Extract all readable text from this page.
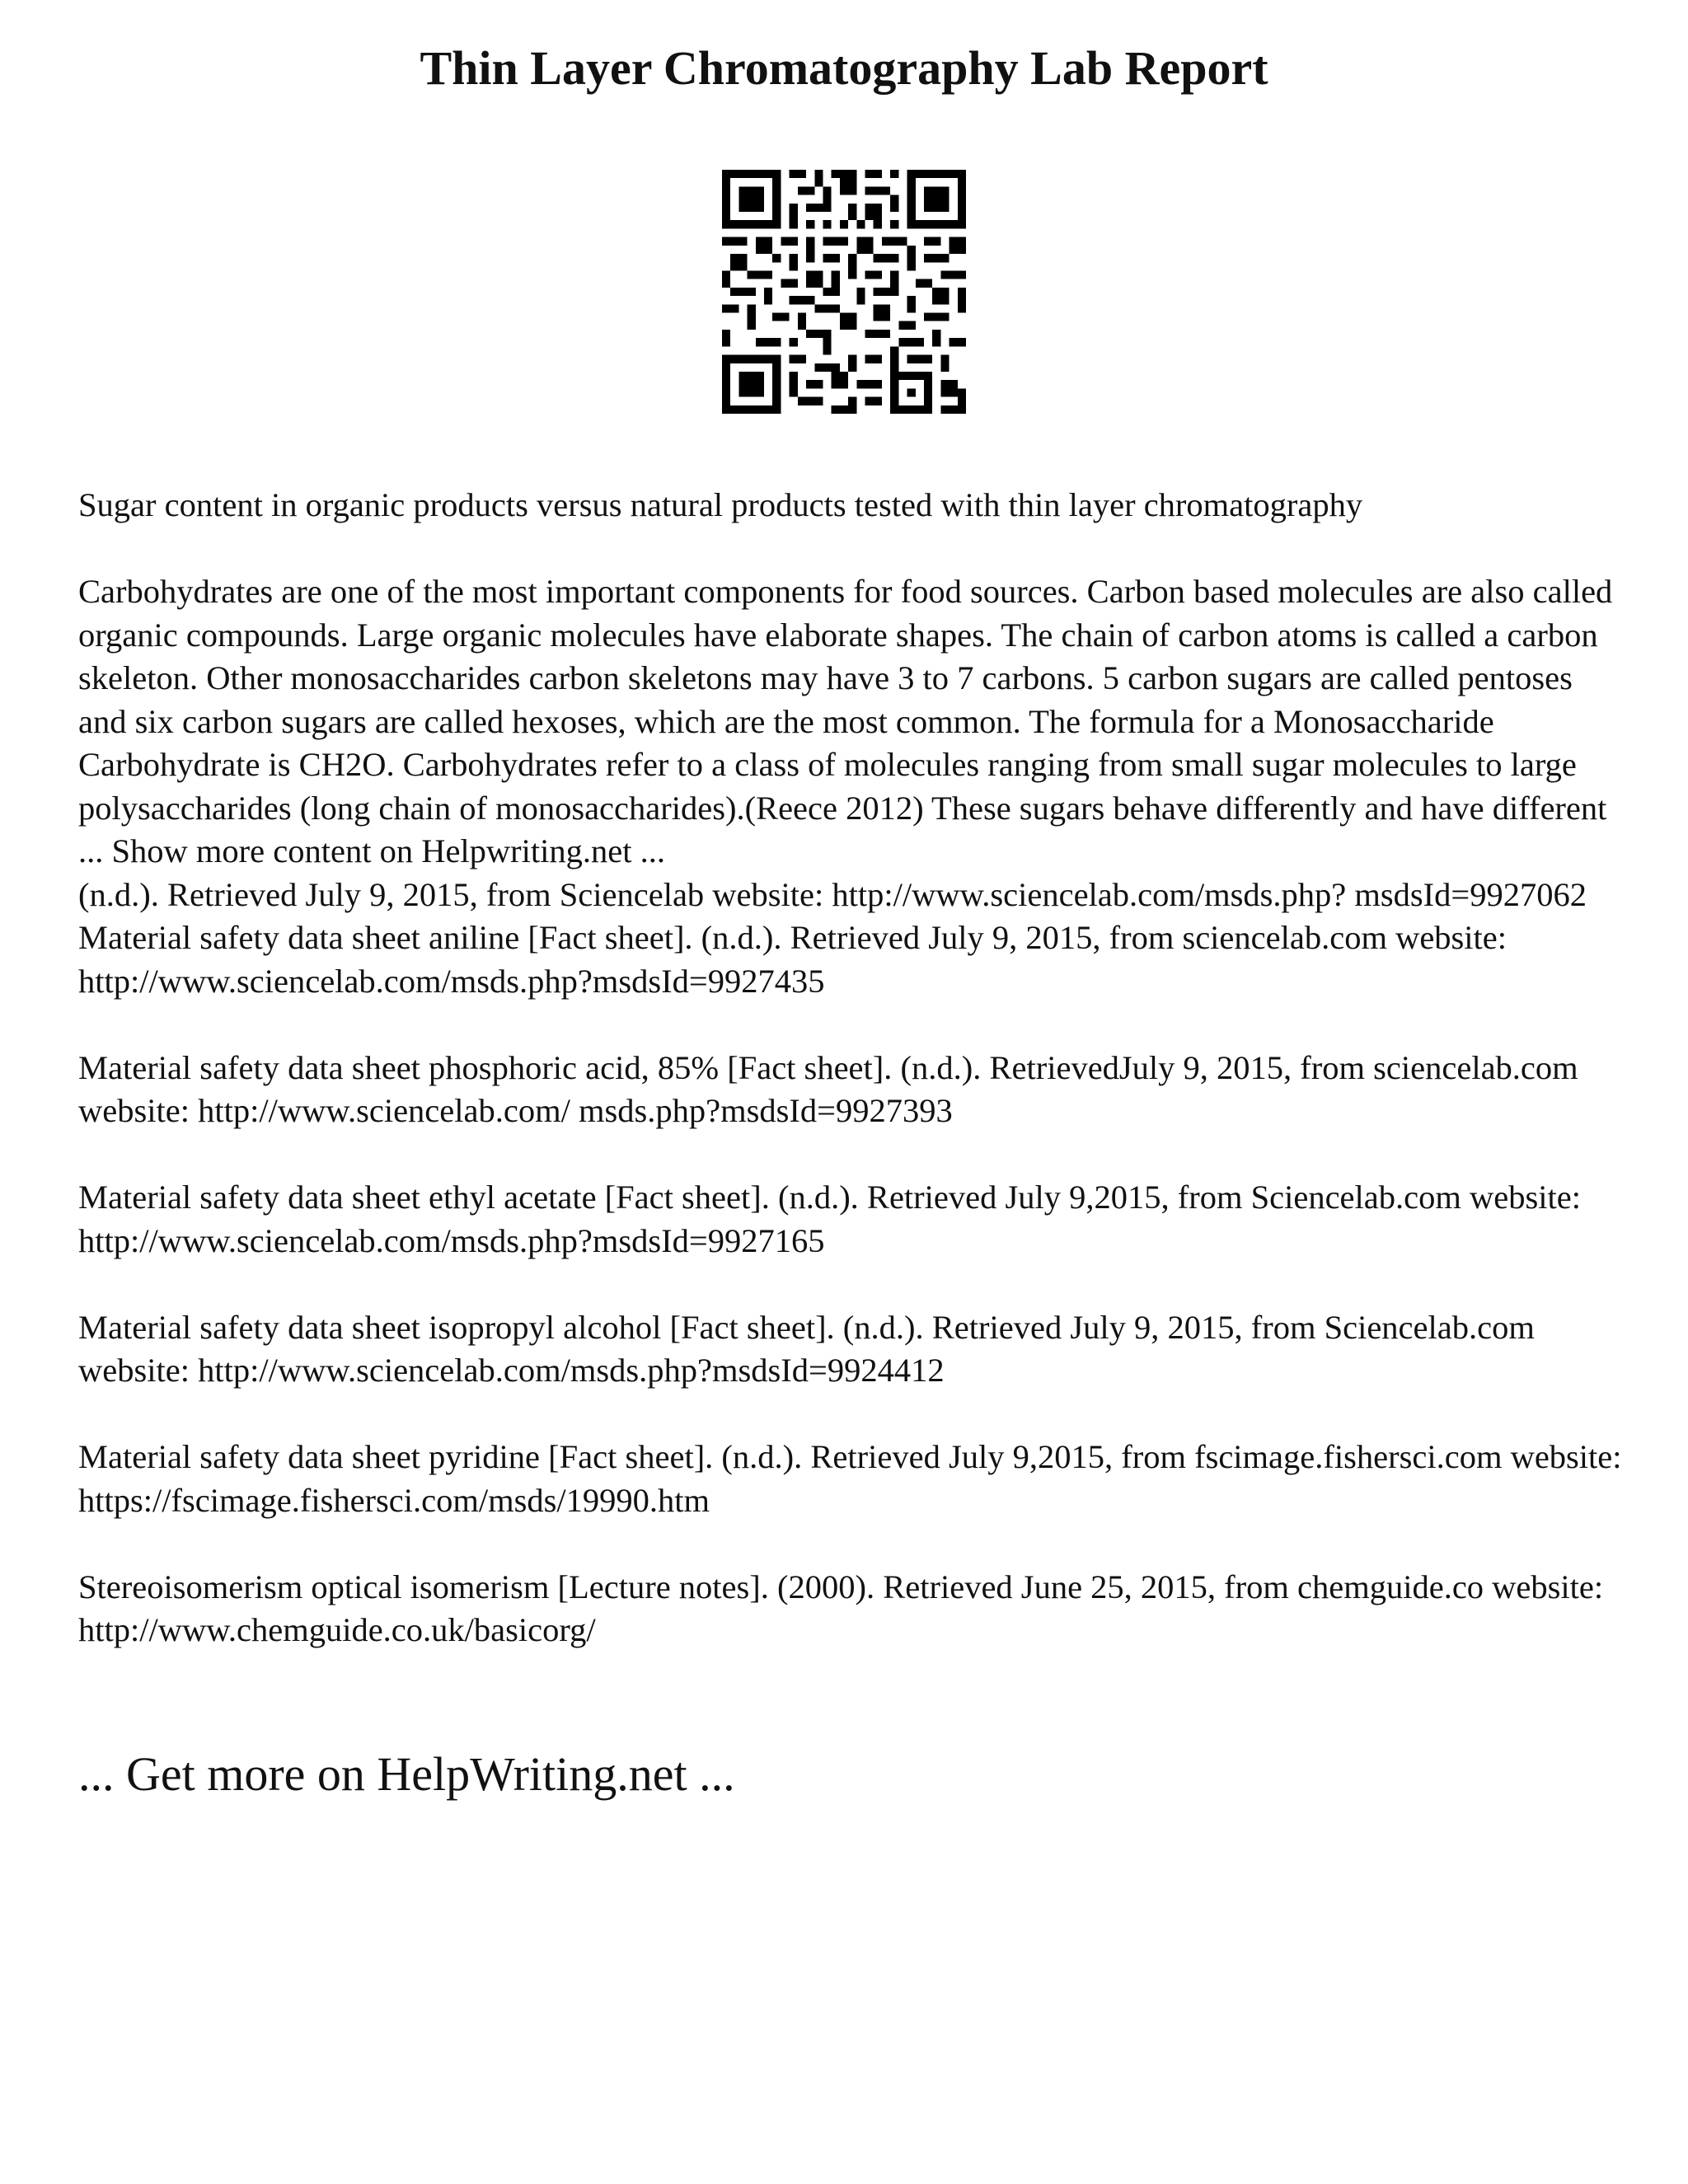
Thin Layer Chromatography Lab Report

Sugar content in organic products versus natural products tested with thin layer chromatography

Carbohydrates are one of the most important components for food sources. Carbon based molecules are also called organic compounds. Large organic molecules have elaborate shapes. The chain of carbon atoms is called a carbon skeleton. Other monosaccharides carbon skeletons may have 3 to 7 carbons. 5 carbon sugars are called pentoses and six carbon sugars are called hexoses, which are the most common. The formula for a Monosaccharide Carbohydrate is CH2O. Carbohydrates refer to a class of molecules ranging from small sugar molecules to large polysaccharides (long chain of monosaccharides).(Reece 2012) These sugars behave differently and have different ... Show more content on Helpwriting.net ...

(n.d.). Retrieved July 9, 2015, from Sciencelab website: http://www.sciencelab.com/msds.php? msdsId=9927062 Material safety data sheet aniline [Fact sheet]. (n.d.). Retrieved July 9, 2015, from sciencelab.com website: http://www.sciencelab.com/msds.php?msdsId=9927435

Material safety data sheet phosphoric acid, 85% [Fact sheet]. (n.d.). RetrievedJuly 9, 2015, from sciencelab.com website: http://www.sciencelab.com/ msds.php?msdsId=9927393

Material safety data sheet ethyl acetate [Fact sheet]. (n.d.). Retrieved July 9,2015, from Sciencelab.com website: http://www.sciencelab.com/msds.php?msdsId=9927165

Material safety data sheet isopropyl alcohol [Fact sheet]. (n.d.). Retrieved July 9, 2015, from Sciencelab.com website: http://www.sciencelab.com/msds.php?msdsId=9924412

Material safety data sheet pyridine [Fact sheet]. (n.d.). Retrieved July 9,2015, from fscimage.fishersci.com website: https://fscimage.fishersci.com/msds/19990.htm

Stereoisomerism optical isomerism [Lecture notes]. (2000). Retrieved June 25, 2015, from chemguide.co website: http://www.chemguide.co.uk/basicorg/

... Get more on HelpWriting.net ...
